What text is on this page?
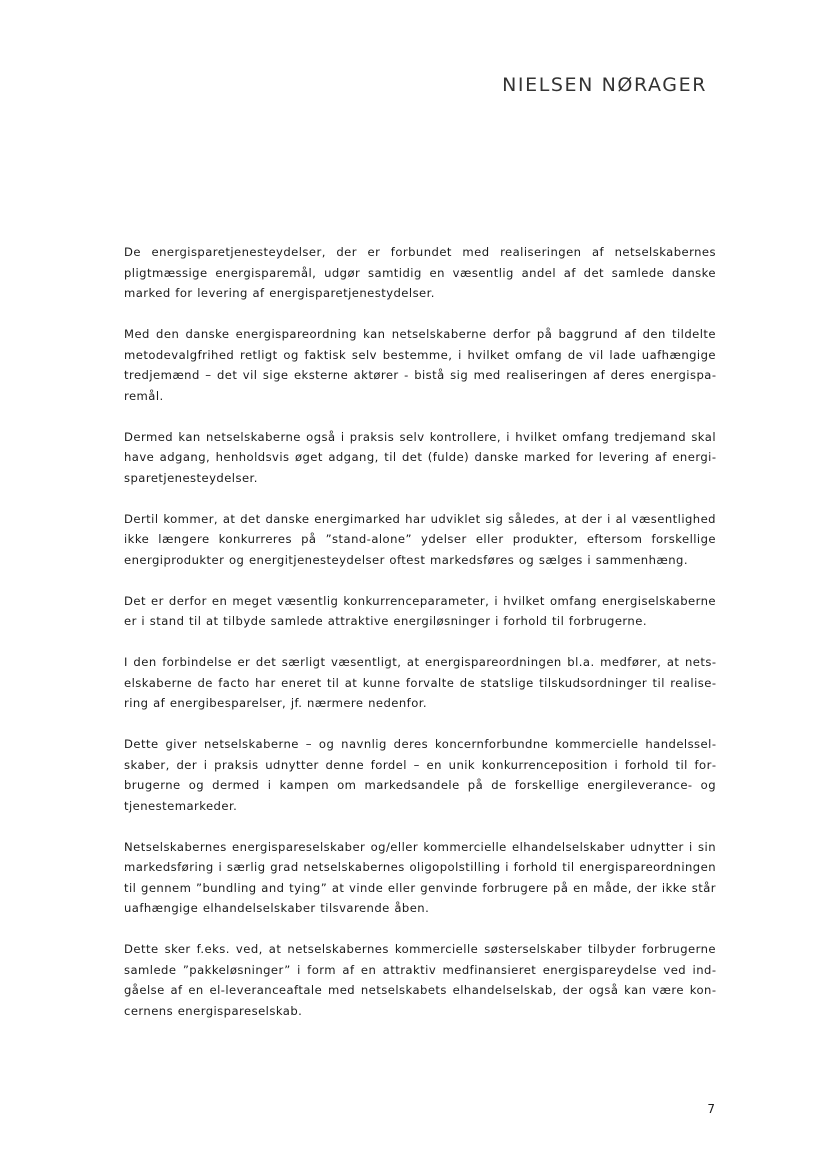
NIELSEN NØRAGER

De energisparetjenesteydelser, der er forbundet med realiseringen af netselskabernes pligtmæssige energisparemål, udgør samtidig en væsentlig andel af det samlede danske marked for levering af energisparetjenestydelser.

Med den danske energispareordning kan netselskaberne derfor på baggrund af den tildelte metodevalgfrihed retligt og faktisk selv bestemme, i hvilket omfang de vil lade uafhængige tredjemænd – det vil sige eksterne aktører - bistå sig med realiseringen af deres energisparemål.

Dermed kan netselskaberne også i praksis selv kontrollere, i hvilket omfang tredjemand skal have adgang, henholdsvis øget adgang, til det (fulde) danske marked for levering af energisparetjenesteydelser.

Dertil kommer, at det danske energimarked har udviklet sig således, at der i al væsentlighed ikke længere konkurreres på ”stand-alone” ydelser eller produkter, eftersom forskellige energiprodukter og energitjenesteydelser oftest markedsføres og sælges i sammenhæng.

Det er derfor en meget væsentlig konkurrenceparameter, i hvilket omfang energiselskaberne er i stand til at tilbyde samlede attraktive energiløsninger i forhold til forbrugerne.

I den forbindelse er det særligt væsentligt, at energispareordningen bl.a. medfører, at netselskaberne de facto har eneret til at kunne forvalte de statslige tilskudsordninger til realisering af energibesparelser, jf. nærmere nedenfor.

Dette giver netselskaberne – og navnlig deres koncernforbundne kommercielle handelsselskaber, der i praksis udnytter denne fordel – en unik konkurrenceposition i forhold til forbrugerne og dermed i kampen om markedsandele på de forskellige energileverance- og tjenestemarkeder.

Netselskabernes energispareselskaber og/eller kommercielle elhandelselskaber udnytter i sin markedsføring i særlig grad netselskabernes oligopolstilling i forhold til energispareordningen til gennem ”bundling and tying” at vinde eller genvinde forbrugere på en måde, der ikke står uafhængige elhandelselskaber tilsvarende åben.

Dette sker f.eks. ved, at netselskabernes kommercielle søsterselskaber tilbyder forbrugerne samlede ”pakkeløsninger” i form af en attraktiv medfinansieret energispareydelse ved indgåelse af en el-leveranceaftale med netselskabets elhandelselskab, der også kan være koncernens energispareselskab.

7
